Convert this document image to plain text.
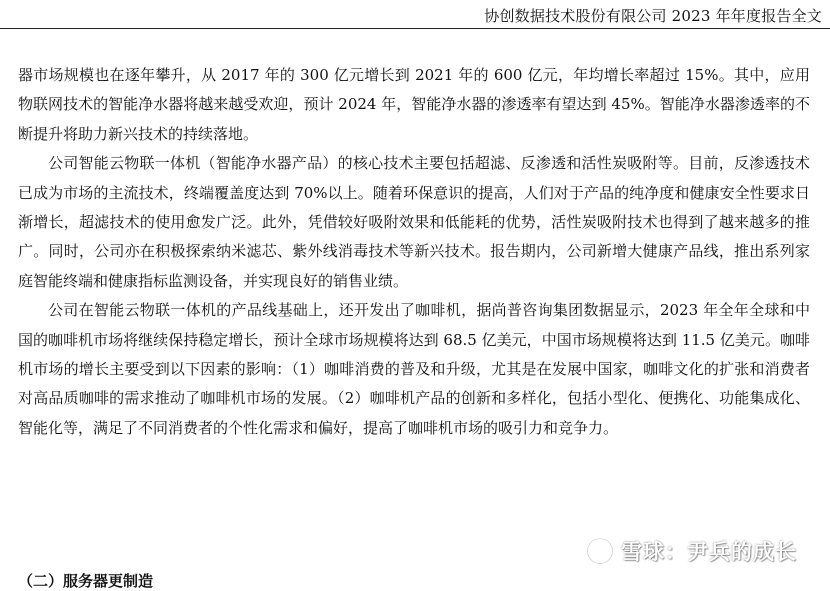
协创数据技术股份有限公司 2023 年年度报告全文

器市场规模也在逐年攀升，从 2017 年的 300 亿元增长到 2021 年的 600 亿元，年均增长率超过 15%。其中，应用物联网技术的智能净水器将越来越受欢迎，预计 2024 年，智能净水器的渗透率有望达到 45%。智能净水器渗透率的不断提升将助力新兴技术的持续落地。

公司智能云物联一体机（智能净水器产品）的核心技术主要包括超滤、反渗透和活性炭吸附等。目前，反渗透技术已成为市场的主流技术，终端覆盖度达到 70%以上。随着环保意识的提高，人们对于产品的纯净度和健康安全性要求日渐增长，超滤技术的使用愈发广泛。此外，凭借较好吸附效果和低能耗的优势，活性炭吸附技术也得到了越来越多的推广。同时，公司亦在积极探索纳米滤芯、紫外线消毒技术等新兴技术。报告期内，公司新增大健康产品线，推出系列家庭智能终端和健康指标监测设备，并实现良好的销售业绩。

公司在智能云物联一体机的产品线基础上，还开发出了咖啡机，据尚普咨询集团数据显示，2023 年全年全球和中国的咖啡机市场将继续保持稳定增长，预计全球市场规模将达到 68.5 亿美元，中国市场规模将达到 11.5 亿美元。咖啡机市场的增长主要受到以下因素的影响：（1）咖啡消费的普及和升级，尤其是在发展中国家，咖啡文化的扩张和消费者对高品质咖啡的需求推动了咖啡机市场的发展。（2）咖啡机产品的创新和多样化，包括小型化、便携化、功能集成化、智能化等，满足了不同消费者的个性化需求和偏好，提高了咖啡机市场的吸引力和竞争力。

（二）服务器更制造
雪球：尹兵的成长
